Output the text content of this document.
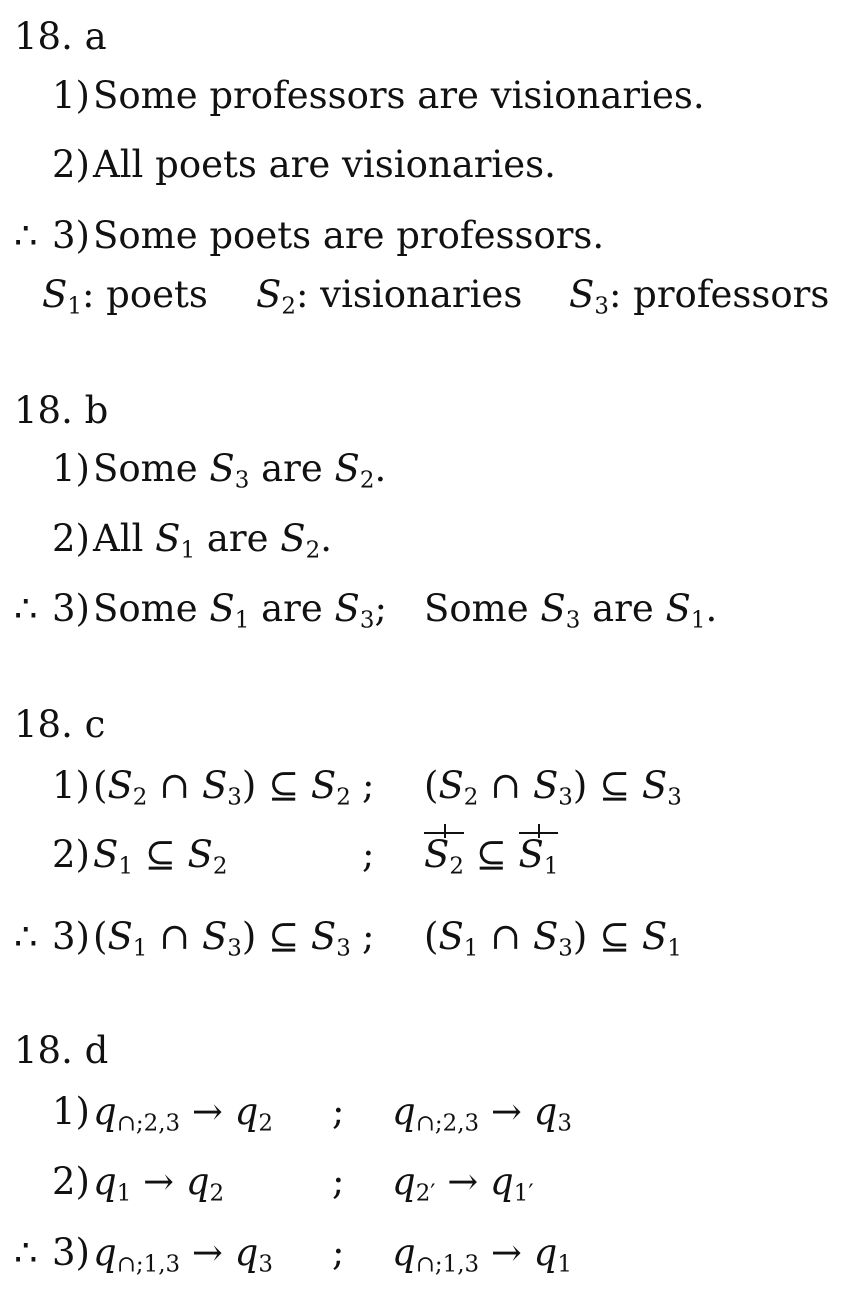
18. a
1) Some professors are visionaries.
2) All poets are visionaries.
∴ 3) Some poets are professors.
$S_1$: poets $S_2$: visionaries $S_3$: professors
18. b
1) Some $S_3$ are $S_2$.
2) All $S_1$ are $S_2$.
∴ 3) Some $S_1$ are $S_3$; Some $S_3$ are $S_1$.
18. c
1) ($S_2$ ∩ $S_3$) ⊆ $S_2$ ; ($S_2$ ∩ $S_3$) ⊆ $S_3$
2) $S_1$ ⊆ $S_2$	; $S_2$ ⊆ $S_1$
∴ 3) ($S_1$ ∩ $S_3$) ⊆ $S_3$ ; ($S_1$ ∩ $S_3$) ⊆ $S_1$
18. d
1) $q_{\cap;2,3} \to q_2$ ; $q_{\cap;2,3} \to q_3$
2) $q_1 \to q_2$	; $q_{2'} \to q_{1'}$
∴ 3) $q_{\cap;1,3} \to q_3$ ; $q_{\cap;1,3} \to q_1$
